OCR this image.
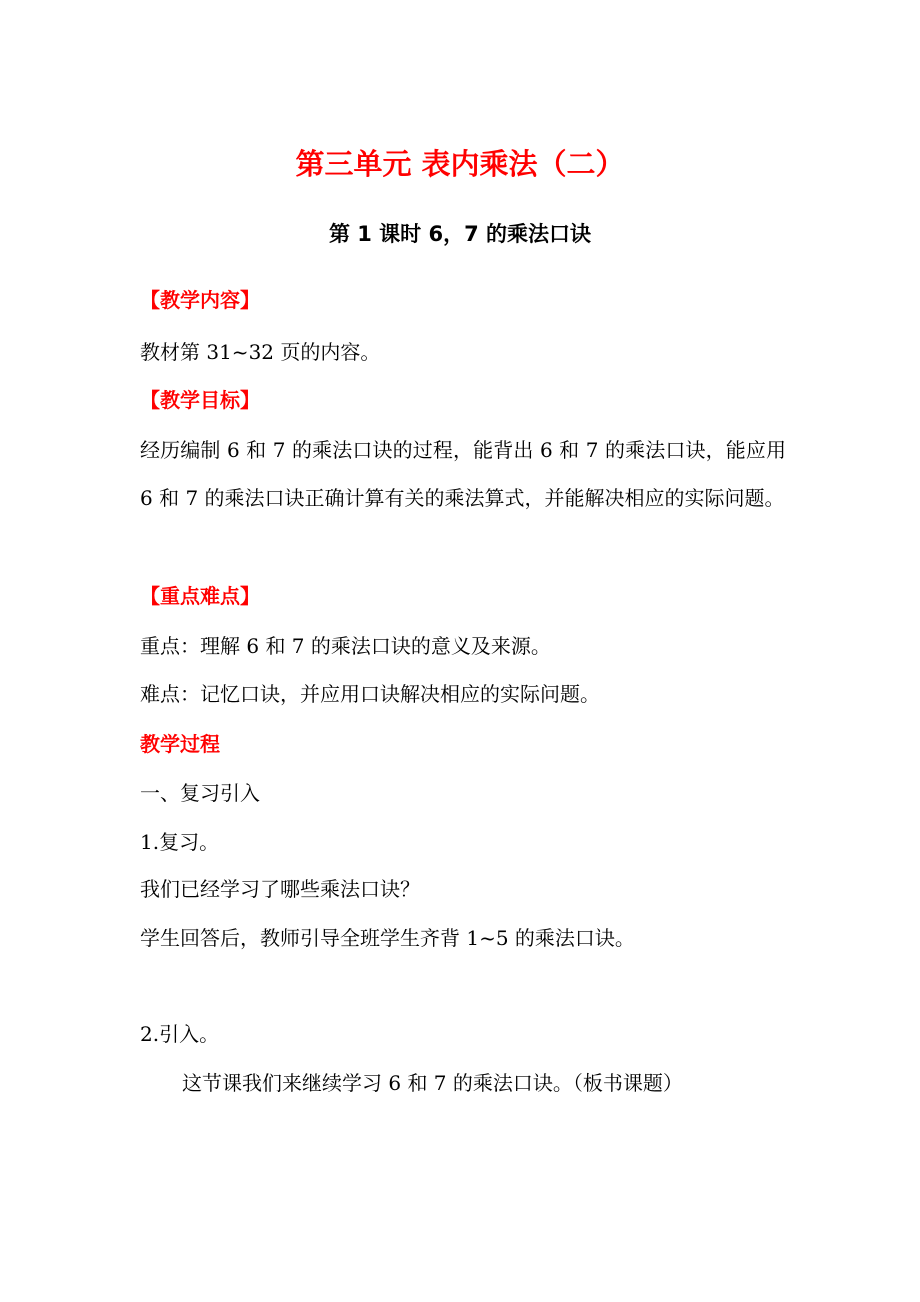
第三单元 表内乘法（二）
第 1 课时 6，7 的乘法口诀
【教学内容】
教材第 31~32 页的内容。
【教学目标】
经历编制 6 和 7 的乘法口诀的过程，能背出 6 和 7 的乘法口诀，能应用 6 和 7 的乘法口诀正确计算有关的乘法算式，并能解决相应的实际问题。
【重点难点】
重点：理解 6 和 7 的乘法口诀的意义及来源。
难点：记忆口诀，并应用口诀解决相应的实际问题。
教学过程
一、复习引入
1.复习。
我们已经学习了哪些乘法口诀？
学生回答后，教师引导全班学生齐背 1~5 的乘法口诀。
2.引入。
这节课我们来继续学习 6 和 7 的乘法口诀。（板书课题）
